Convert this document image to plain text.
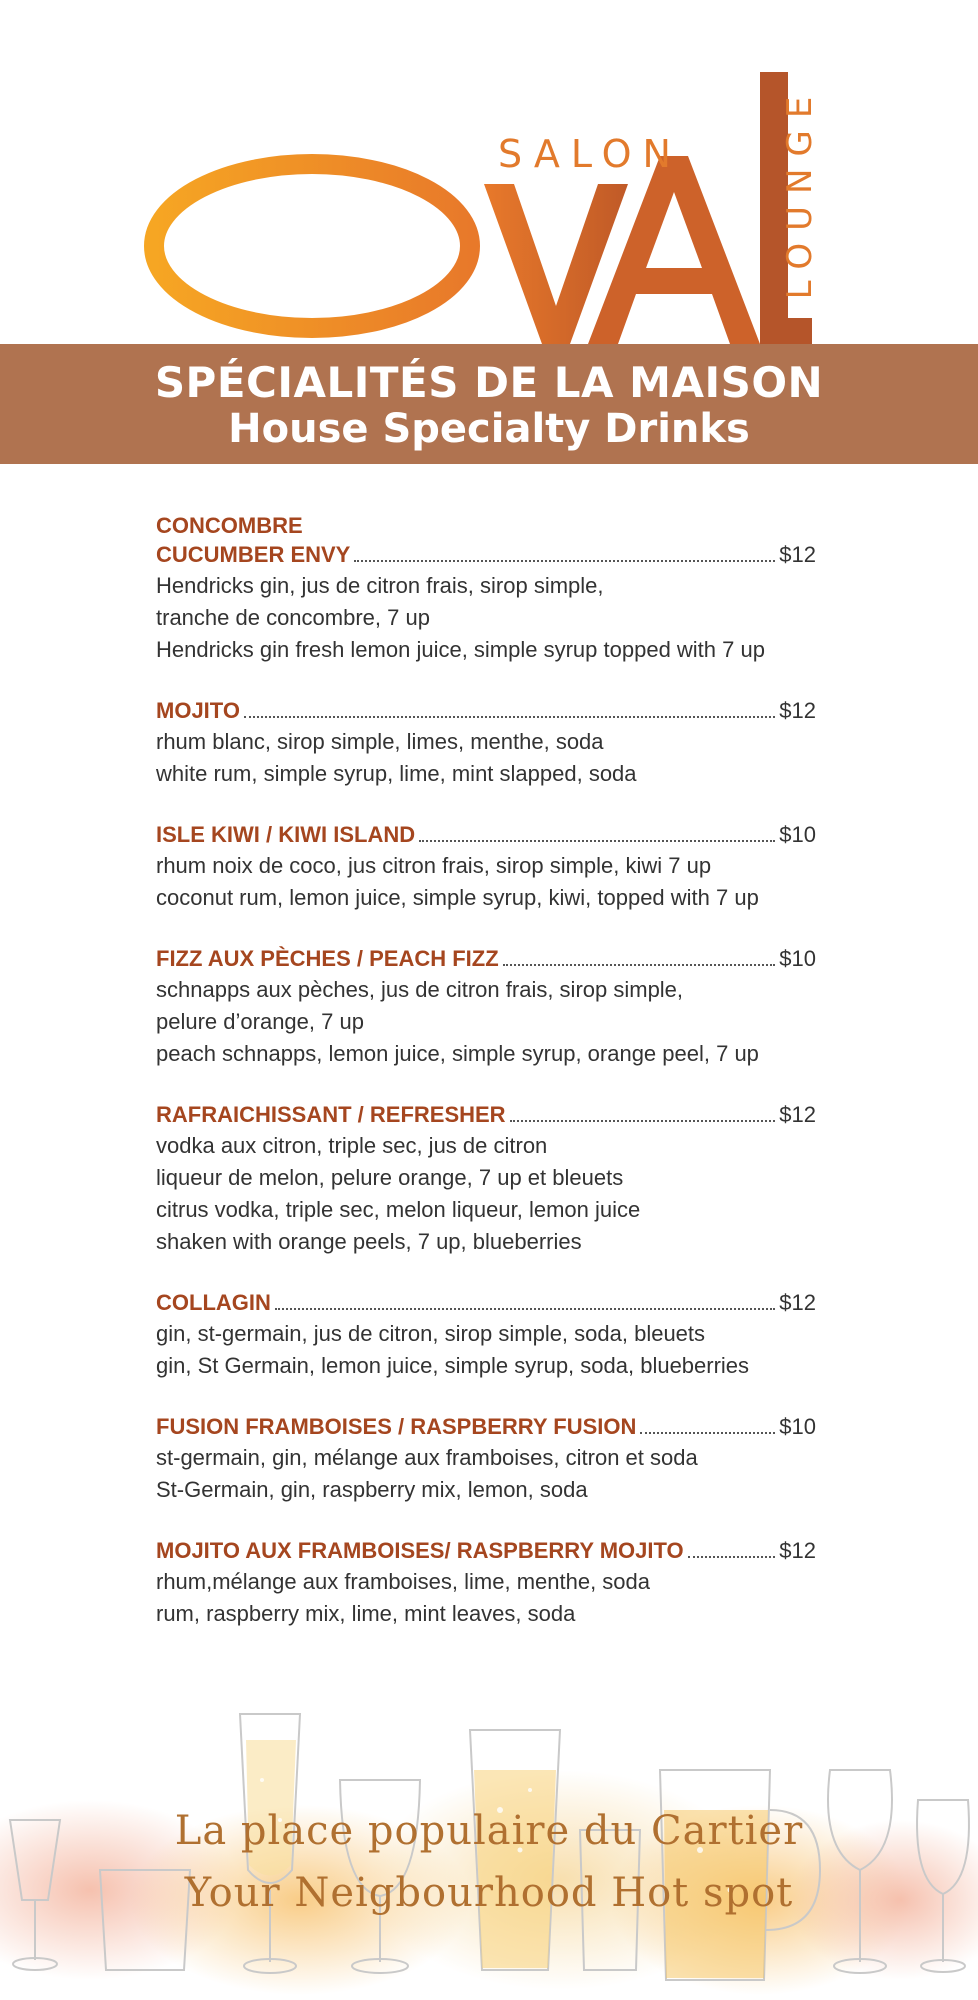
SALON	LOUNGE
SPÉCIALITÉS DE LA MAISON
House Specialty Drinks
CONCOMBRE
CUCUMBER ENVY	$12

Hendricks gin, jus de citron frais, sirop simple,

tranche de concombre, 7 up

Hendricks gin fresh lemon juice, simple syrup topped with 7 up

MOJITO	$12

rhum blanc, sirop simple, limes, menthe, soda

white rum, simple syrup, lime, mint slapped, soda

ISLE KIWI / KIWI ISLAND	$10

rhum noix de coco, jus citron frais, sirop simple, kiwi 7 up

coconut rum, lemon juice, simple syrup, kiwi, topped with 7 up

FIZZ AUX PÈCHES / PEACH FIZZ	$10

schnapps aux pèches, jus de citron frais, sirop simple,

pelure d’orange, 7 up

peach schnapps, lemon juice, simple syrup, orange peel, 7 up

RAFRAICHISSANT / REFRESHER	$12

vodka aux citron, triple sec, jus de citron

liqueur de melon, pelure orange, 7 up et bleuets

citrus vodka, triple sec, melon liqueur, lemon juice

shaken with orange peels, 7 up, blueberries

COLLAGIN	$12

gin, st-germain, jus de citron, sirop simple, soda, bleuets

gin, St Germain, lemon juice, simple syrup, soda, blueberries

FUSION FRAMBOISES / RASPBERRY FUSION	$10

st-germain, gin, mélange aux framboises, citron et soda

St-Germain, gin, raspberry mix, lemon, soda

MOJITO AUX FRAMBOISES/ RASPBERRY MOJITO	$12

rhum,mélange aux framboises, lime, menthe, soda

rum, raspberry mix, lime, mint leaves, soda

La place populaire du Cartier
Your Neigbourhood Hot spot
